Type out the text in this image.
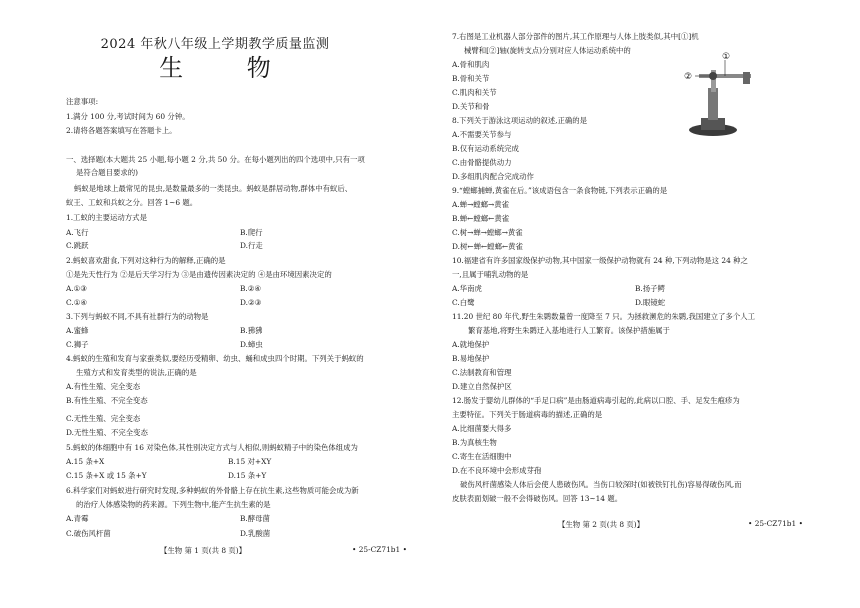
2024 年秋八年级上学期教学质量监测
生 物
注意事项:
1.满分 100 分,考试时间为 60 分钟。
2.请将各题答案填写在答题卡上。
一、选择题(本大题共 25 小题,每小题 2 分,共 50 分。在每小题列出的四个选项中,只有一项
是符合题目要求的)
蚂蚁是地球上最常见的昆虫,是数量最多的一类昆虫。蚂蚁是群居动物,群体中有蚁后、
蚁王、工蚁和兵蚁之分。回答 1~6 题。
1.工蚁的主要运动方式是
A.飞行	B.爬行
C.跳跃	D.行走
2.蚂蚁喜欢甜食,下列对这种行为的解释,正确的是
①是先天性行为 ②是后天学习行为 ③是由遗传因素决定的 ④是由环境因素决定的
A.①③	B.②④
C.①④	D.②③
3.下列与蚂蚁不同,不具有社群行为的动物是
A.蜜蜂	B.狒狒
C.狮子	D.蟑虫
4.蚂蚁的生殖和发育与家蚕类似,要经历受精卵、幼虫、蛹和成虫四个时期。下列关于蚂蚁的
生殖方式和发育类型的说法,正确的是
A.有性生殖、完全变态
B.有性生殖、不完全变态
C.无性生殖、完全变态
D.无性生殖、不完全变态
5.蚂蚁的体细胞中有 16 对染色体,其性别决定方式与人相似,则蚂蚁精子中的染色体组成为
A.15 条+X	B.15 对+XY
C.15 条+X 或 15 条+Y	D.15 条+Y
6.科学家们对蚂蚁进行研究时发现,多种蚂蚁的外骨骼上存在抗生素,这些物质可能会成为新
的治疗人体感染物的药来源。下列生物中,能产生抗生素的是
A.青霉	B.酵母菌
C.破伤风杆菌	D.乳酸菌
【生物 第 1 页(共 8 页)】	• 25-CZ71b1 •
7.右图是工业机器人部分部件的图片,其工作原理与人体上肢类似,其中[①]机
械臂和[②]轴(旋转支点)分别对应人体运动系统中的
A.骨和肌肉
B.骨和关节
C.肌肉和关节
D.关节和骨
8.下列关于游泳这项运动的叙述,正确的是
A.不需要关节参与
B.仅有运动系统完成
C.由骨骼提供动力
D.多组肌肉配合完成动作
9.“螳螂捕蝉,黄雀在后。”该成语包含一条食物链,下列表示正确的是
A.蝉→螳螂→黄雀
B.蝉←螳螂←黄雀
C.树→蝉→螳螂→黄雀
D.树←蝉←螳螂←黄雀
10.福建省有许多国家级保护动物,其中国家一级保护动物就有 24 种,下列动物是这 24 种之
一,且属于哺乳动物的是
A.华南虎	B.扬子鳄
C.白鹭	D.眼镜蛇
11.20 世纪 80 年代,野生朱鹮数量曾一度降至 7 只。为拯救濒危的朱鹮,我国建立了多个人工
繁育基地,将野生朱鹮迁入基地进行人工繁育。该保护措施属于
A.就地保护
B.易地保护
C.法制教育和管理
D.建立自然保护区
12.肠发于婴幼儿群体的“手足口病”是由肠道病毒引起的,此病以口腔、手、足发生疱疹为
主要特征。下列关于肠道病毒的描述,正确的是
A.比细菌要大得多
B.为真核生物
C.寄生在活细胞中
D.在不良环境中会形成芽孢
破伤风杆菌感染人体后会使人患破伤风。当伤口较深时(如被铁钉扎伤)容易得破伤风,而
皮肤表面划破一般不会得破伤风。回答 13~14 题。
【生物 第 2 页(共 8 页)】	• 25-CZ71b1 •
①
②
